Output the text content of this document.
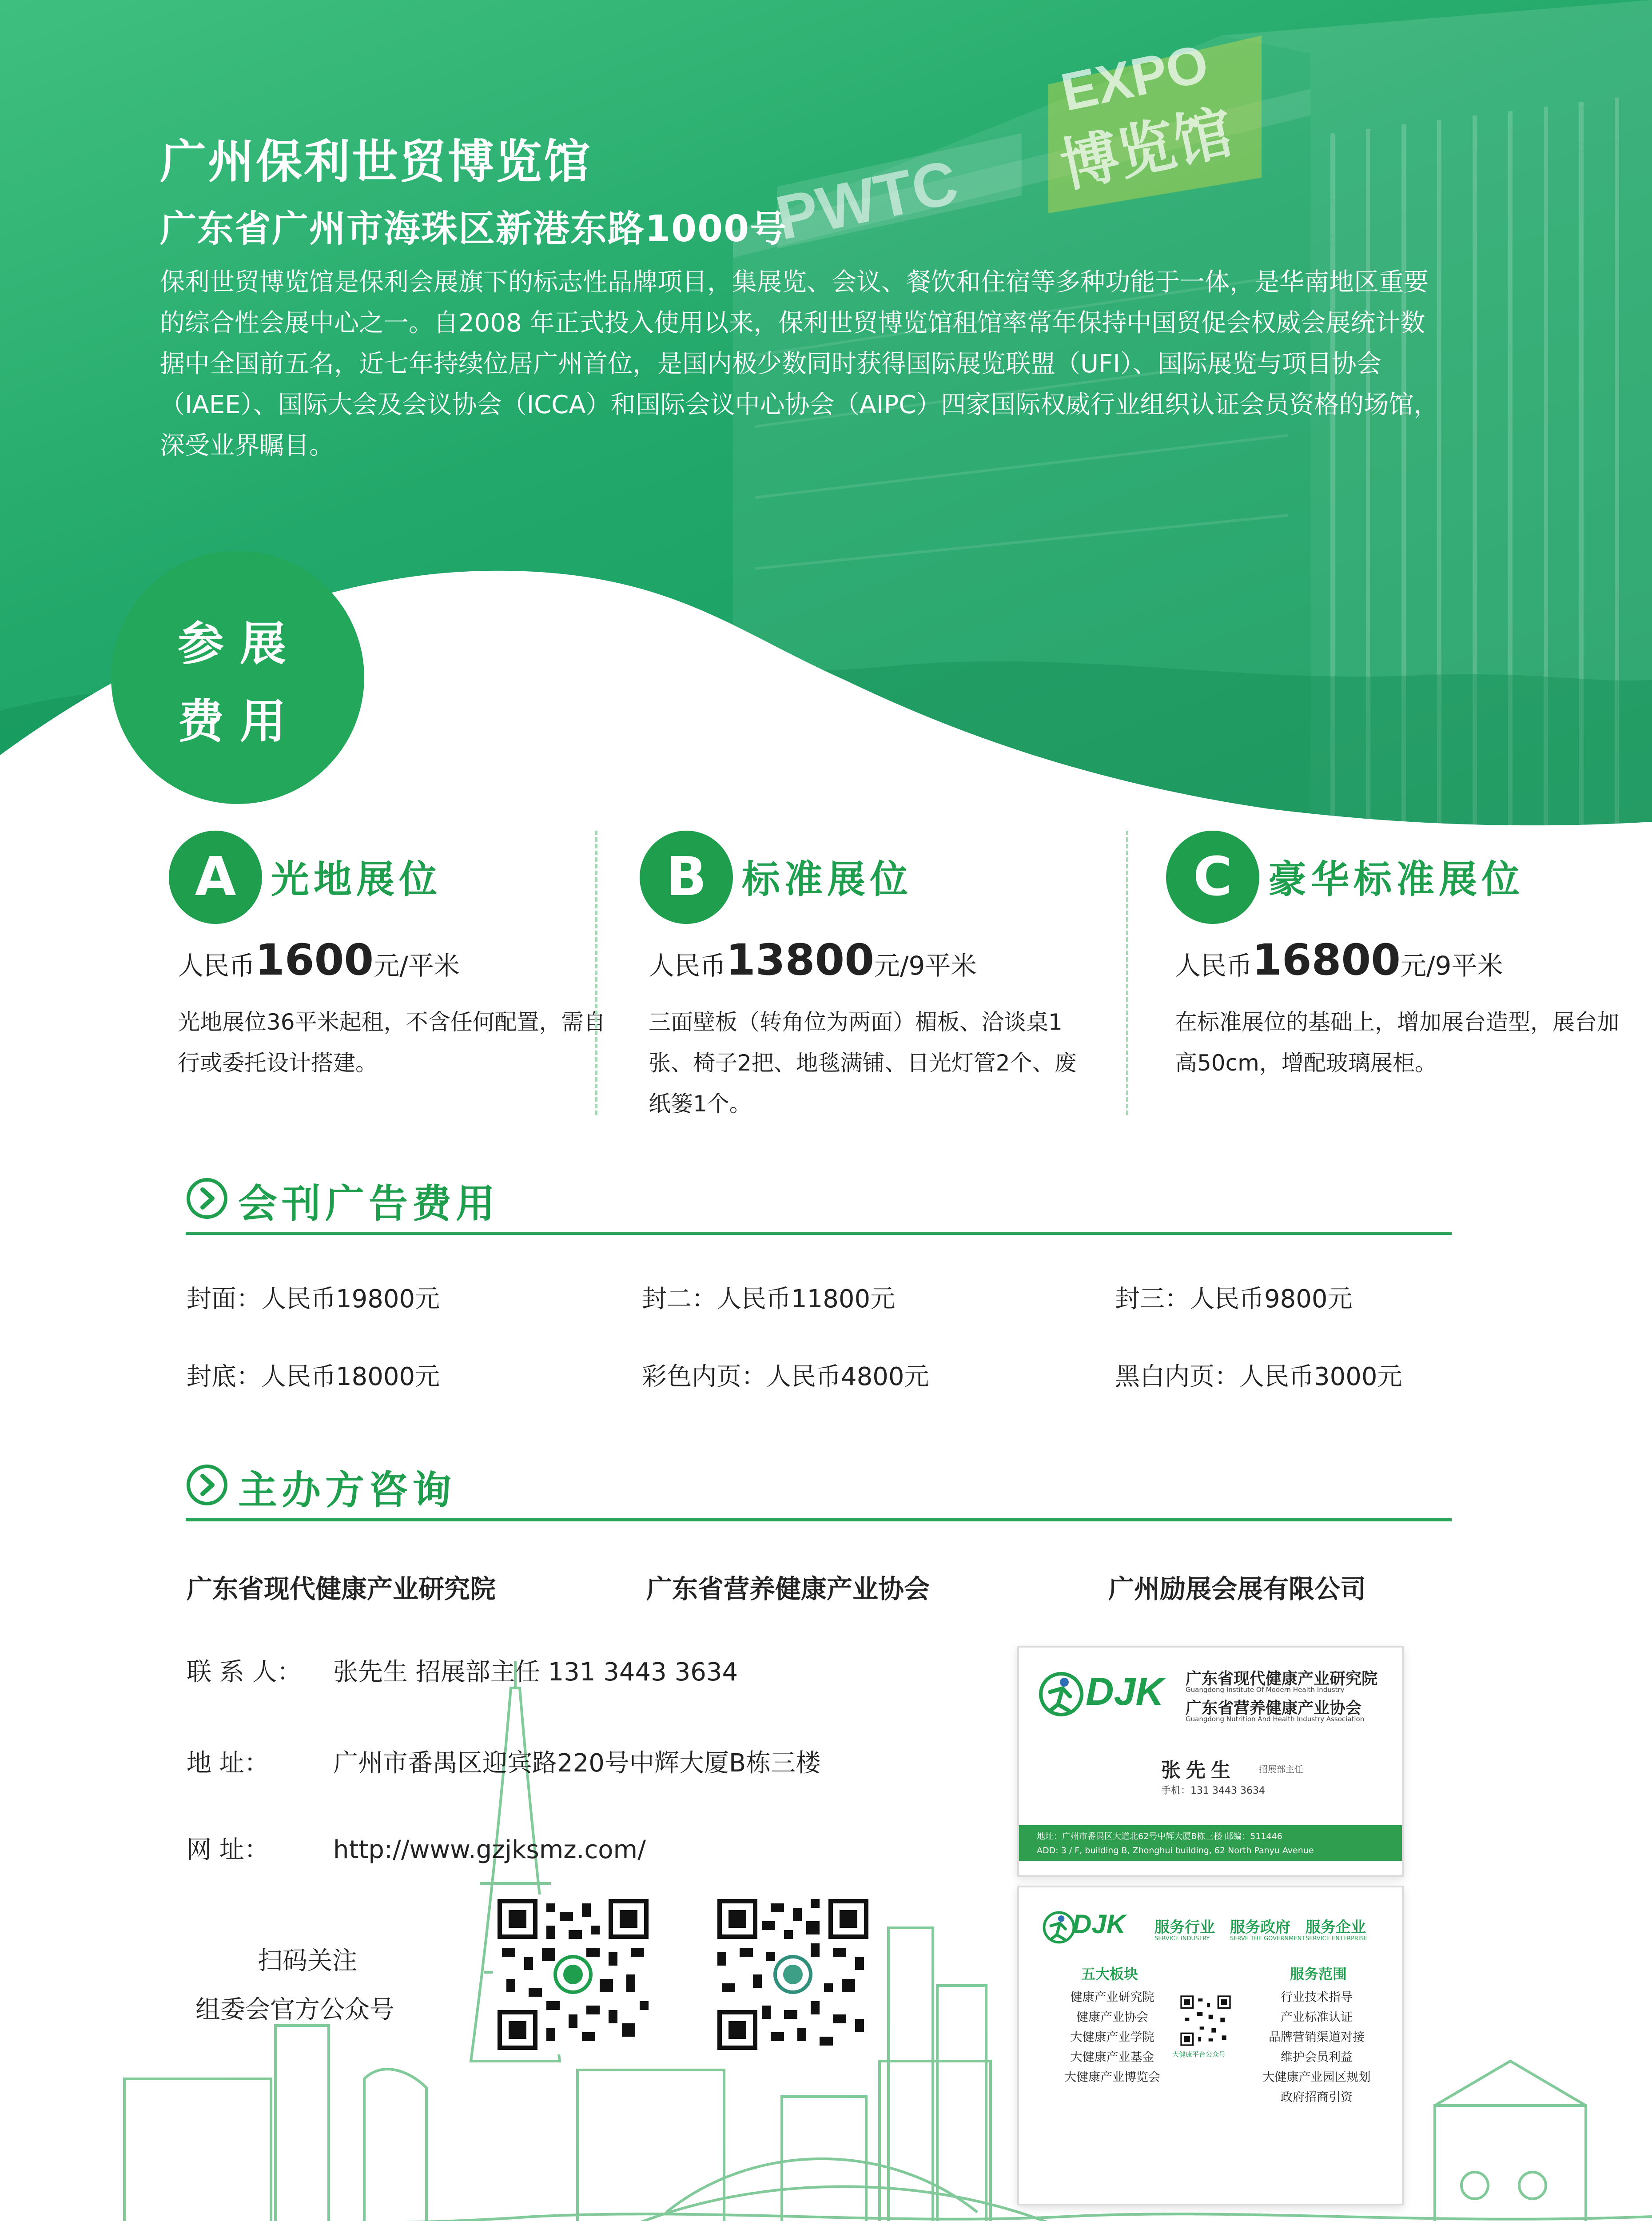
EXPO
博览馆
PWTC
广州保利世贸博览馆
广东省广州市海珠区新港东路1000号
保利世贸博览馆是保利会展旗下的标志性品牌项目，集展览、会议、餐饮和住宿等多种功能于一体，是华南地区重要的综合性会展中心之一。自2008 年正式投入使用以来，保利世贸博览馆租馆率常年保持中国贸促会权威会展统计数据中全国前五名，近七年持续位居广州首位，是国内极少数同时获得国际展览联盟（UFI）、国际展览与项目协会（IAEE）、国际大会及会议协会（ICCA）和国际会议中心协会（AIPC）四家国际权威行业组织认证会员资格的场馆，深受业界瞩目。
参展
费用
A 光地展位
人民币1600元/平米
光地展位36平米起租，不含任何配置，需自行或委托设计搭建。
B 标准展位
人民币13800元/9平米
三面壁板（转角位为两面）楣板、洽谈桌1张、椅子2把、地毯满铺、日光灯管2个、废纸篓1个。
C 豪华标准展位
人民币16800元/9平米
在标准展位的基础上，增加展台造型，展台加高50cm，增配玻璃展柜。
会刊广告费用
封面：人民币19800元	封二：人民币11800元	封三：人民币9800元
封底：人民币18000元	彩色内页：人民币4800元	黑白内页：人民币3000元
主办方咨询
广东省现代健康产业研究院	广东省营养健康产业协会	广州励展会展有限公司
联 系 人： 张先生 招展部主任 131 3443 3634
地 址：	广州市番禺区迎宾路220号中辉大厦B栋三楼
网 址：	http://www.gzjksmz.com/
扫码关注
组委会官方公众号
DJK 广东省现代健康产业研究院
Guangdong Institute Of Modern Health Industry
广东省营养健康产业协会
Guangdong Nutrition And Health Industry Association
张先生	招展部主任
手机：131 3443 3634
地址：广州市番禺区大道北62号中辉大厦B栋三楼 邮编：511446
ADD: 3 / F, building B, Zhonghui building, 62 North Panyu Avenue
DJK 服务行业 服务政府 服务企业
SERVICE INDUSTRY	SERVE THE GOVERNMENT SERVICE ENTERPRISE
五大板块
健康产业研究院
健康产业协会
大健康产业学院
大健康产业基金
大健康产业博览会
大健康平台公众号
服务范围
行业技术指导
产业标准认证
品牌营销渠道对接
维护会员利益
大健康产业园区规划
政府招商引资
